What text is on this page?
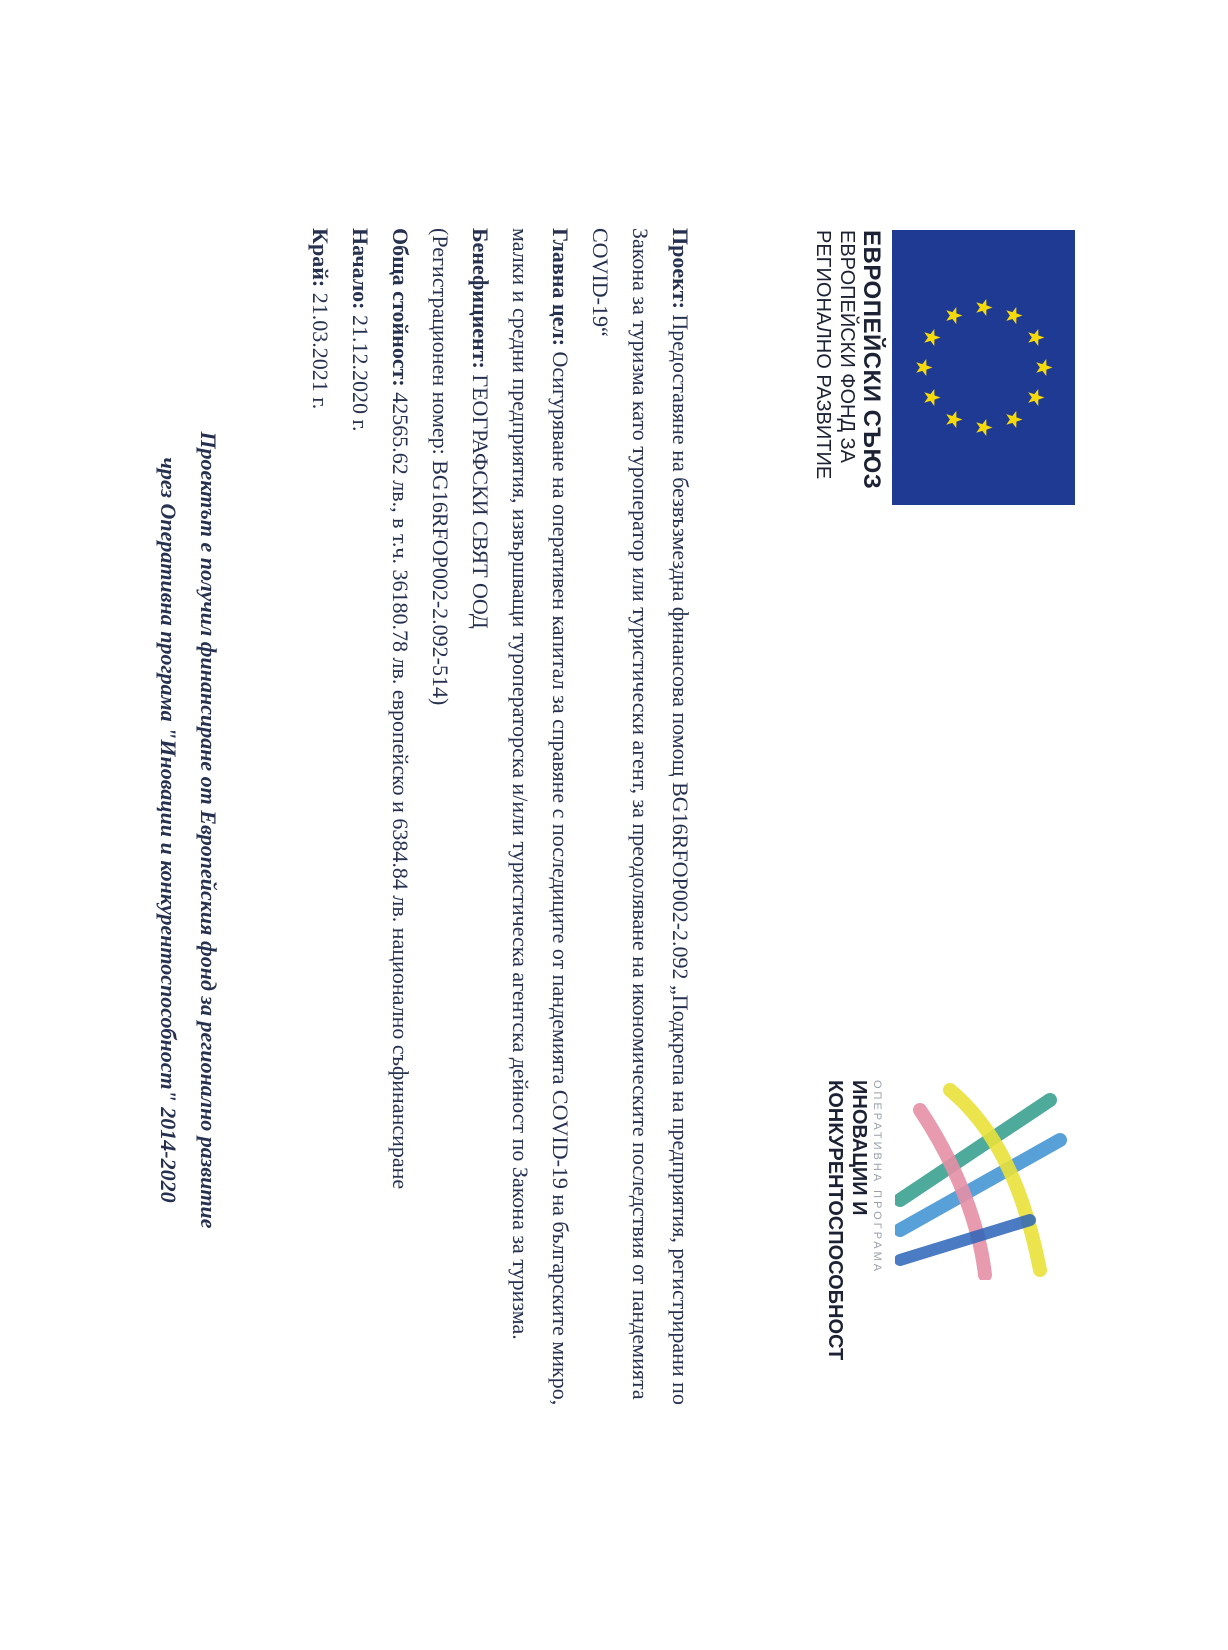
ЕВРОПЕЙСКИ СЪЮЗ
ЕВРОПЕЙСКИ ФОНД ЗА
РЕГИОНАЛНО РАЗВИТИЕ
ОПЕРАТИВНА ПРОГРАМА
ИНОВАЦИИ И
КОНКУРЕНТОСПОСОБНОСТ

Проект: Предоставяне на безвъзмездна финансова помощ BG16RFOP002-2.092 „Подкрепа на предприятия, регистрирани по Закона за туризма като туроператор или туристически агент, за преодоляване на икономическите последствия от пандемията COVID-19“

Главна цел: Осигуряване на оперативен капитал за справяне с последиците от пандемията COVID-19 на българските микро, малки и средни предприятия, извършващи туроператорска и/или туристическа агентска дейност по Закона за туризма.

Бенефициент: ГЕОГРАФСКИ СВЯТ ООД

(Регистрационен номер: BG16RFOP002-2.092-514)

Обща стойност: 42565.62 лв., в т.ч. 36180.78 лв. европейско и 6384.84 лв. национално съфинансиране

Начало: 21.12.2020 г.

Край: 21.03.2021 г.

Проектът е получил финансиране от Европейския фонд за регионално развитие
чрез Оперативна програма "Иновации и конкурентоспособност" 2014-2020
